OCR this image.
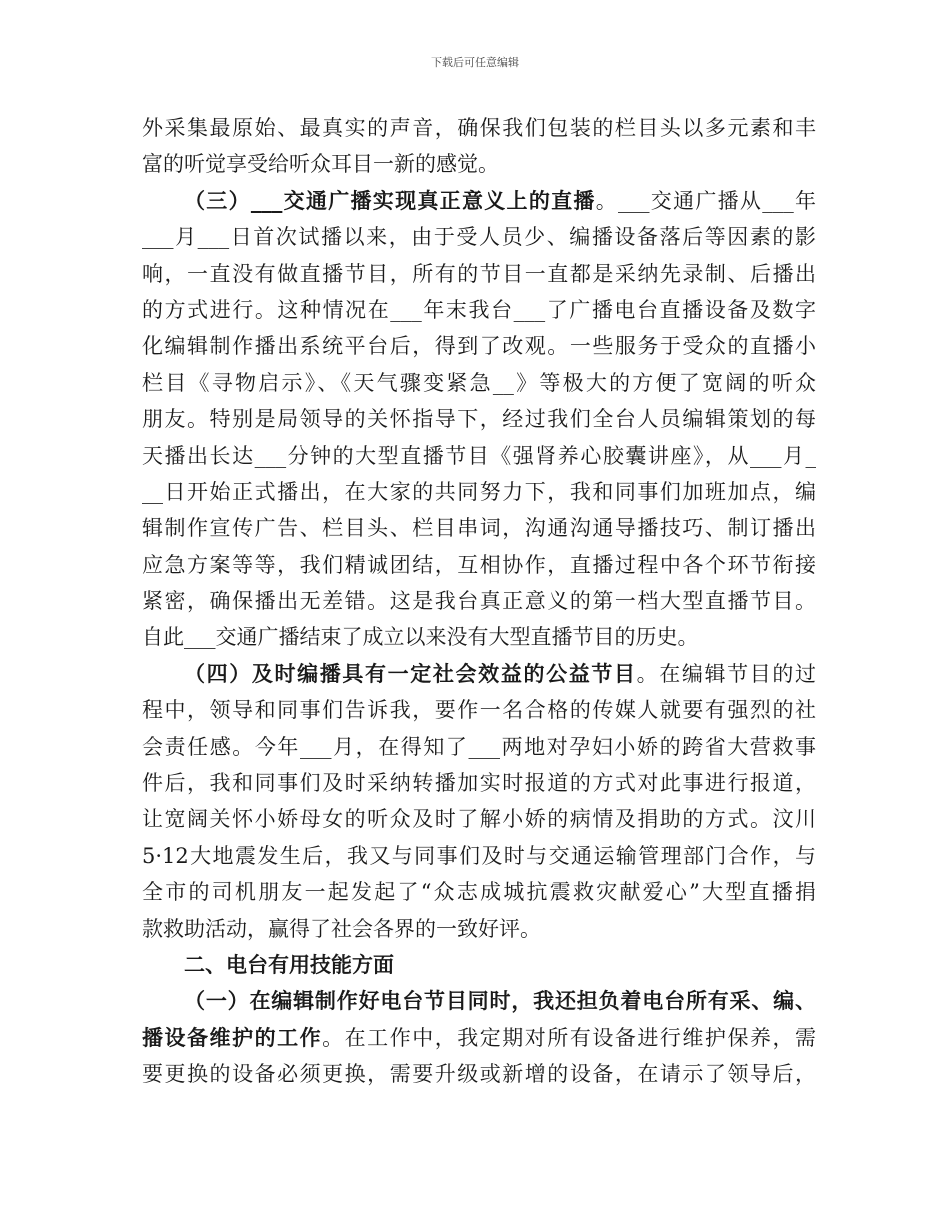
下载后可任意编辑
外采集最原始、最真实的声音，确保我们包装的栏目头以多元素和丰
富的听觉享受给听众耳目一新的感觉。
（三）___交通广播实现真正意义上的直播。___交通广播从___年
___月___日首次试播以来，由于受人员少、编播设备落后等因素的影
响，一直没有做直播节目，所有的节目一直都是采纳先录制、后播出
的方式进行。这种情况在___年末我台___了广播电台直播设备及数字
化编辑制作播出系统平台后，得到了改观。一些服务于受众的直播小
栏目《寻物启示》、《天气骤变紧急__》等极大的方便了宽阔的听众
朋友。特别是局领导的关怀指导下，经过我们全台人员编辑策划的每
天播出长达___分钟的大型直播节目《强肾养心胶囊讲座》，从___月_
__日开始正式播出，在大家的共同努力下，我和同事们加班加点，编
辑制作宣传广告、栏目头、栏目串词，沟通沟通导播技巧、制订播出
应急方案等等，我们精诚团结，互相协作，直播过程中各个环节衔接
紧密，确保播出无差错。这是我台真正意义的第一档大型直播节目。
自此___交通广播结束了成立以来没有大型直播节目的历史。
（四）及时编播具有一定社会效益的公益节目。在编辑节目的过
程中，领导和同事们告诉我，要作一名合格的传媒人就要有强烈的社
会责任感。今年___月，在得知了___两地对孕妇小娇的跨省大营救事
件后，我和同事们及时采纳转播加实时报道的方式对此事进行报道，
让宽阔关怀小娇母女的听众及时了解小娇的病情及捐助的方式。汶川
5·12大地震发生后，我又与同事们及时与交通运输管理部门合作，与
全市的司机朋友一起发起了“众志成城抗震救灾献爱心”大型直播捐
款救助活动，赢得了社会各界的一致好评。
二、电台有用技能方面
（一）在编辑制作好电台节目同时，我还担负着电台所有采、编、
播设备维护的工作。在工作中，我定期对所有设备进行维护保养，需
要更换的设备必须更换，需要升级或新增的设备，在请示了领导后，
